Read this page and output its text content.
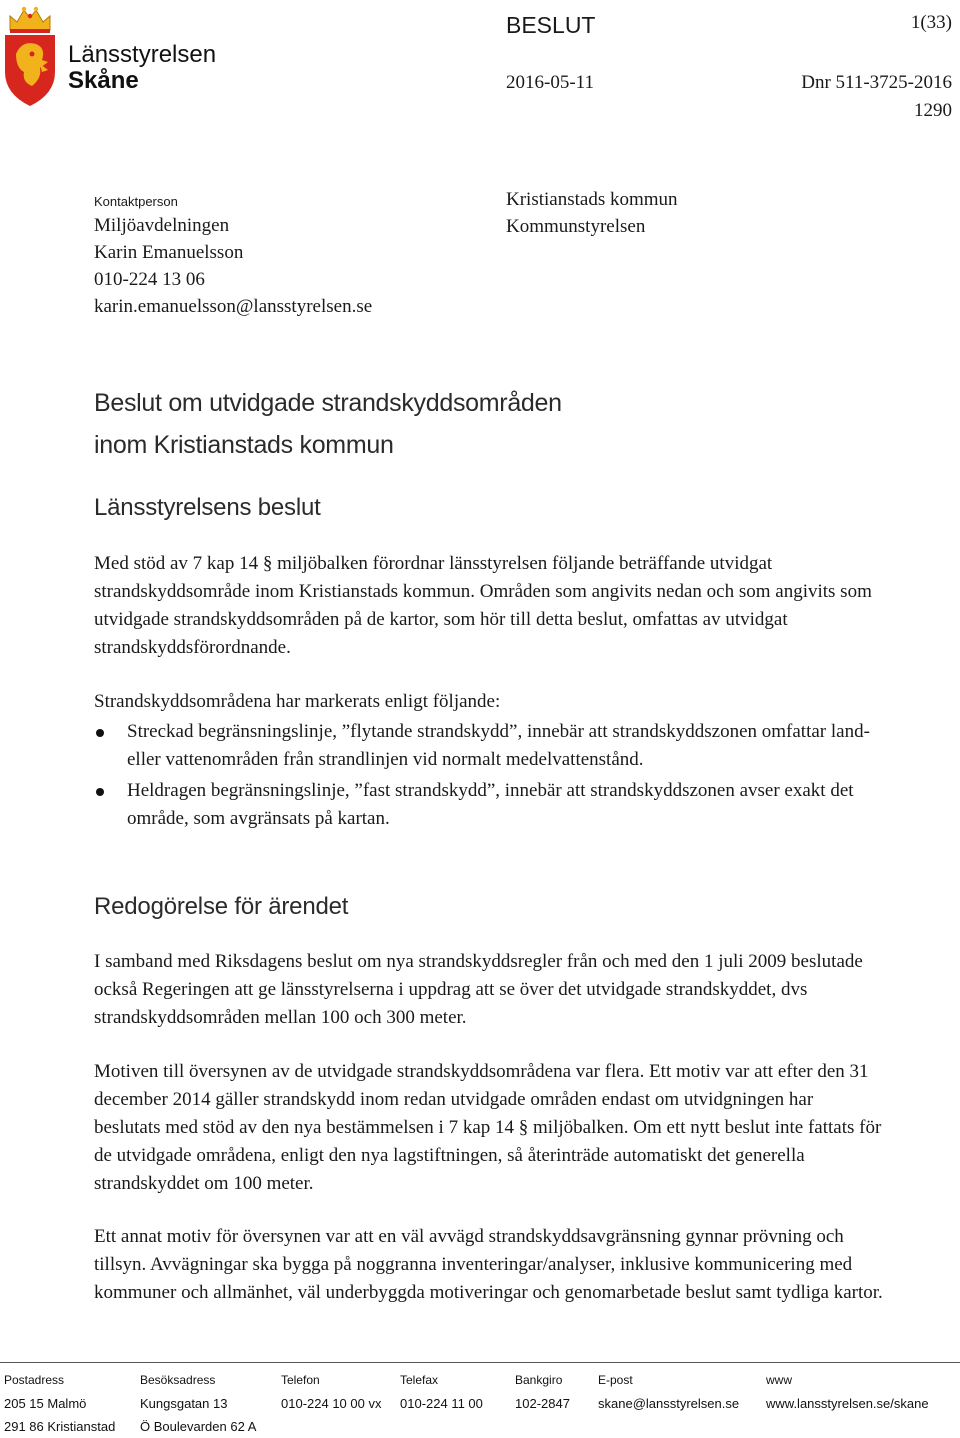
Länsstyrelsen
Skåne
BESLUT	1(33)
2016-05-11	Dnr 511-3725-2016
1290
Kontaktperson
Miljöavdelningen
Karin Emanuelsson
010-224 13 06
karin.emanuelsson@lansstyrelsen.se
Kristianstads kommun
Kommunstyrelsen
Beslut om utvidgade strandskyddsområden
inom Kristianstads kommun
Länsstyrelsens beslut
Med stöd av 7 kap 14 § miljöbalken förordnar länsstyrelsen följande beträffande utvidgat strandskyddsområde inom Kristianstads kommun. Områden som angivits nedan och som angivits som utvidgade strandskyddsområden på de kartor, som hör till detta beslut, omfattas av utvidgat strandskyddsförordnande.
Strandskyddsområdena har markerats enligt följande:
Streckad begränsningslinje, ”flytande strandskydd”, innebär att strandskyddszonen omfattar land- eller vattenområden från strandlinjen vid normalt medelvattenstånd.
Heldragen begränsningslinje, ”fast strandskydd”, innebär att strandskyddszonen avser exakt det område, som avgränsats på kartan.
Redogörelse för ärendet
I samband med Riksdagens beslut om nya strandskyddsregler från och med den 1 juli 2009 beslutade också Regeringen att ge länsstyrelserna i uppdrag att se över det utvidgade strandskyddet, dvs strandskyddsområden mellan 100 och 300 meter.
Motiven till översynen av de utvidgade strandskyddsområdena var flera. Ett motiv var att efter den 31 december 2014 gäller strandskydd inom redan utvidgade områden endast om utvidgningen har beslutats med stöd av den nya bestämmelsen i 7 kap 14 § miljöbalken. Om ett nytt beslut inte fattats för de utvidgade områdena, enligt den nya lagstiftningen, så återinträde automatiskt det generella strandskyddet om 100 meter.
Ett annat motiv för översynen var att en väl avvägd strandskyddsavgränsning gynnar prövning och tillsyn. Avvägningar ska bygga på noggranna inventeringar/analyser, inklusive kommunicering med kommuner och allmänhet, väl underbyggda motiveringar och genomarbetade beslut samt tydliga kartor.
Postadress
205 15 Malmö
291 86 Kristianstad
Besöksadress
Kungsgatan 13
Ö Boulevarden 62 A
Telefon
010-224 10 00 vx
Telefax
010-224 11 00
Bankgiro
102-2847
E-post
skane@lansstyrelsen.se
www
www.lansstyrelsen.se/skane
